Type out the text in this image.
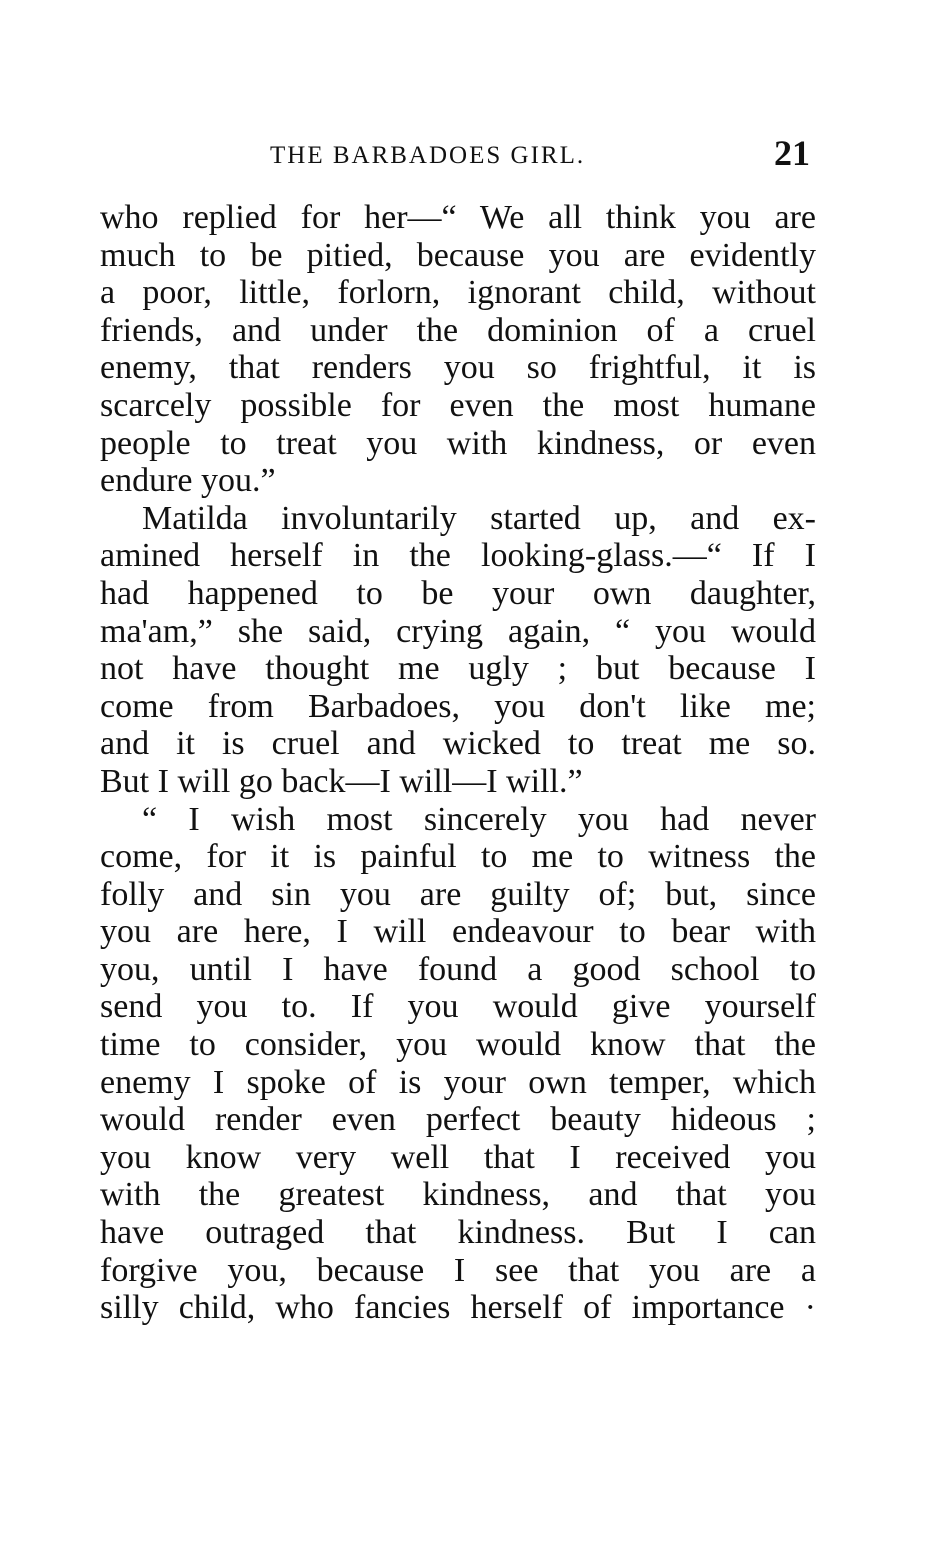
THE BARBADOES GIRL.	21
who replied for her—“ We all think you are
much to be pitied, because you are evidently
a poor, little, forlorn, ignorant child, without
friends, and under the dominion of a cruel
enemy, that renders you so frightful, it is
scarcely possible for even the most humane
people to treat you with kindness, or even
endure you.”
Matilda involuntarily started up, and ex-
amined herself in the looking-glass.—“ If I
had happened to be your own daughter,
ma'am,” she said, crying again, “ you would
not have thought me ugly ; but because I
come from Barbadoes, you don't like me;
and it is cruel and wicked to treat me so.
But I will go back—I will—I will.”
“ I wish most sincerely you had never
come, for it is painful to me to witness the
folly and sin you are guilty of; but, since
you are here, I will endeavour to bear with
you, until I have found a good school to
send you to. If you would give yourself
time to consider, you would know that the
enemy I spoke of is your own temper, which
would render even perfect beauty hideous ;
you know very well that I received you
with the greatest kindness, and that you
have outraged that kindness. But I can
forgive you, because I see that you are a
silly child, who fancies herself of importance ·
